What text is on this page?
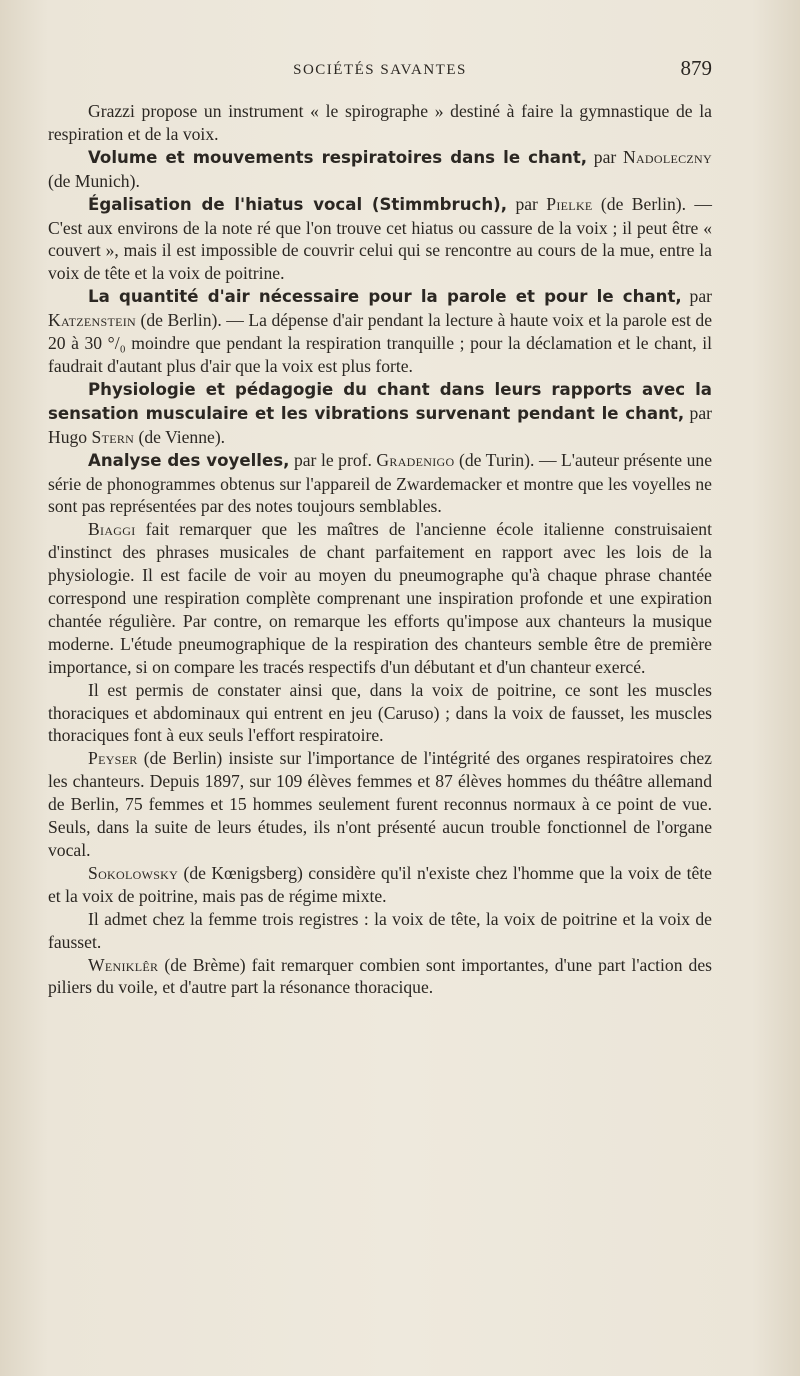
SOCIÉTÉS SAVANTES	879

Grazzi propose un instrument « le spirographe » destiné à faire la gymnastique de la respiration et de la voix.

Volume et mouvements respiratoires dans le chant, par Nadoleczny (de Munich).

Égalisation de l'hiatus vocal (Stimmbruch), par Pielke (de Berlin). — C'est aux environs de la note ré que l'on trouve cet hiatus ou cassure de la voix ; il peut être « couvert », mais il est impossible de couvrir celui qui se rencontre au cours de la mue, entre la voix de tête et la voix de poitrine.

La quantité d'air nécessaire pour la parole et pour le chant, par Katzenstein (de Berlin). — La dépense d'air pendant la lecture à haute voix et la parole est de 20 à 30 °/₀ moindre que pendant la respiration tranquille ; pour la déclamation et le chant, il faudrait d'autant plus d'air que la voix est plus forte.

Physiologie et pédagogie du chant dans leurs rapports avec la sensation musculaire et les vibrations survenant pendant le chant, par Hugo Stern (de Vienne).

Analyse des voyelles, par le prof. Gradenigo (de Turin). — L'auteur présente une série de phonogrammes obtenus sur l'appareil de Zwardemacker et montre que les voyelles ne sont pas représentées par des notes toujours semblables.

Biaggi fait remarquer que les maîtres de l'ancienne école italienne construisaient d'instinct des phrases musicales de chant parfaitement en rapport avec les lois de la physiologie. Il est facile de voir au moyen du pneumographe qu'à chaque phrase chantée correspond une respiration complète comprenant une inspiration profonde et une expiration chantée régulière. Par contre, on remarque les efforts qu'impose aux chanteurs la musique moderne. L'étude pneumographique de la respiration des chanteurs semble être de première importance, si on compare les tracés respectifs d'un débutant et d'un chanteur exercé.

Il est permis de constater ainsi que, dans la voix de poitrine, ce sont les muscles thoraciques et abdominaux qui entrent en jeu (Caruso) ; dans la voix de fausset, les muscles thoraciques font à eux seuls l'effort respiratoire.

Peyser (de Berlin) insiste sur l'importance de l'intégrité des organes respiratoires chez les chanteurs. Depuis 1897, sur 109 élèves femmes et 87 élèves hommes du théâtre allemand de Berlin, 75 femmes et 15 hommes seulement furent reconnus normaux à ce point de vue. Seuls, dans la suite de leurs études, ils n'ont présenté aucun trouble fonctionnel de l'organe vocal.

Sokolowsky (de Kœnigsberg) considère qu'il n'existe chez l'homme que la voix de tête et la voix de poitrine, mais pas de régime mixte.

Il admet chez la femme trois registres : la voix de tête, la voix de poitrine et la voix de fausset.

Weniklêr (de Brème) fait remarquer combien sont importantes, d'une part l'action des piliers du voile, et d'autre part la résonance thoracique.
